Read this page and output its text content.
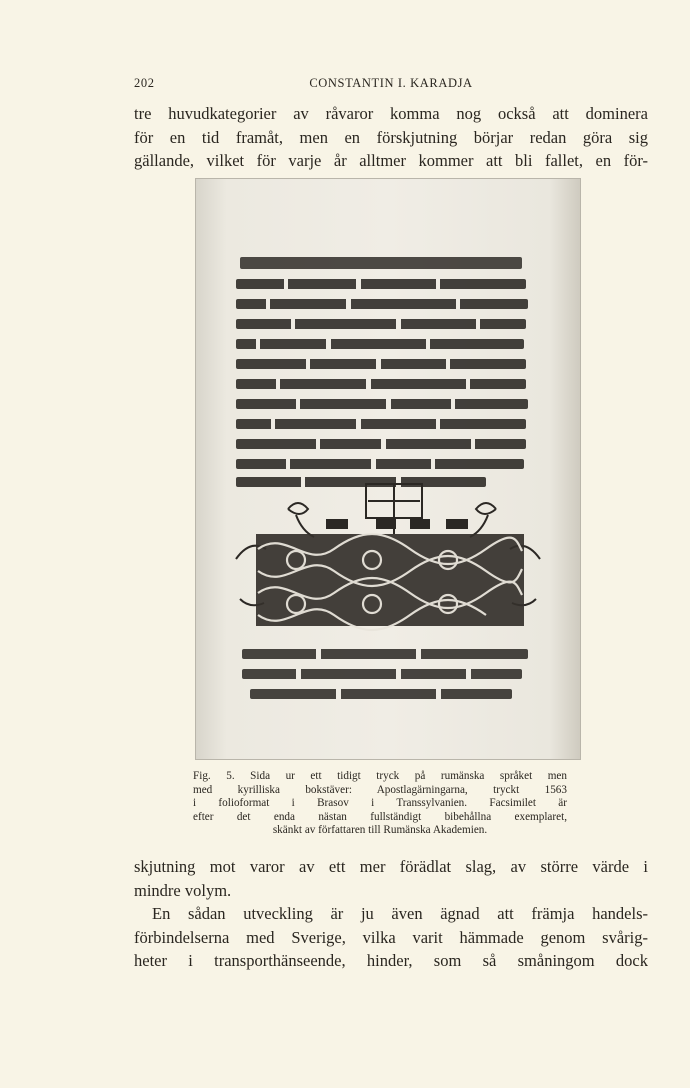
202	CONSTANTIN I. KARADJA
tre huvudkategorier av råvaror komma nog också att dominera
för en tid framåt, men en förskjutning börjar redan göra sig
gällande, vilket för varje år alltmer kommer att bli fallet, en för-
Fig. 5. Sida ur ett tidigt tryck på rumänska språket men
med kyrilliska bokstäver: Apostlagärningarna, tryckt 1563
i folioformat i Brasov i Transsylvanien. Facsimilet är
efter det enda nästan fullständigt bibehållna exemplaret,
skänkt av författaren till Rumänska Akademien.
skjutning mot varor av ett mer förädlat slag, av större värde i
mindre volym.
En sådan utveckling är ju även ägnad att främja handels-
förbindelserna med Sverige, vilka varit hämmade genom svårig-
heter i transporthänseende, hinder, som så småningom dock
